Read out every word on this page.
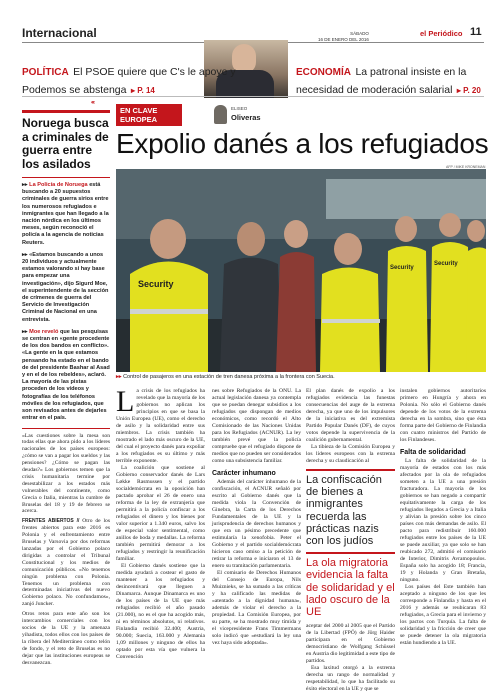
Internacional	SÁBADO
16 DE ENERO DEL 2016
el Periódico 11
POLÍTICA El PSOE quiere que C's le apoye y Podemos se abstenga ▸ P. 14
ECONOMÍA La patronal insiste en la necesidad de moderación salarial ▸ P. 20
‹‹‹
Noruega busca a criminales de guerra entre los asilados
▸▸ La Policía de Noruega está buscando a 20 supuestos criminales de guerra sirios entre los numerosos refugiados e inmigrantes que han llegado a la nación nórdica en los últimos meses, según reconoció el policía a la agencia de noticias Reuters.
▸▸ «Estamos buscando a unos 20 individuos y actualmente estamos valorando si hay base para empezar una investigación», dijo Sigurd Moe, el superintendente de la sección de crímenes de guerra del Servicio de Investigación Criminal de Nacional en una entrevista.
▸▸ Moe reveló que las pesquisas se centran en «gente procedente de los dos bandos en conflicto». «La gente en la que estamos pensando ha estado en el bando de del presidente Bashar al Asad y en el de los rebeldes», aclaró. La mayoría de las pistas proceden de los vídeos y fotografías de los teléfonos móviles de los refugiados, que son revisados antes de dejarles entrar en el país.
«Las cuestiones sobre la mesa son todas ellas que ahora pido a los líderes nacionales de los países europeos: ¿cómo se van a pagar los sueldos y las pensiones? ¿Cómo se pagan las deudas?» Los gobiernos temen que la crisis humanitaria termine por desestabilizar a los estados más vulnerables del continente, como Grecia o Italia, mientras la cumbre de Bruselas del 18 y 19 de febrero se acerca.
FRENTES ABIERTOS // Otro de los frentes abiertos para este 2016 es Polonia y el enfrentamiento entre Bruselas y Varsovia por dos reformas lanzadas por el Gobierno polaco dirigidas a controlar el Tribunal Constitucional y los medios de comunicación públicos. «No tenemos ningún problema con Polonia. Tenemos un problema con determinadas iniciativas del nuevo Gobierno polaco. No confundamos», zanjó Juncker.
Otros retos para este año son los intercambios comerciales con los socios de la UE y la amenaza yihadista, todos ellos con los países de la ribera del Mediterráneo como telón de fondo, y el reto de Bruselas es no dejar que las instituciones europeas se desvanezcan.
EN CLAVE EUROPEA
ELISEO
Oliveras
Expolio danés a los refugiados
AFP / MIKE KRONEMAN
Security
Security
Security
▸▸ Control de pasajeros en una estación de tren danesa próxima a la frontera con Suecia.

La crisis de los refugiados ha revelado que la mayoría de los gobiernos no aplican los principios en que se basa la Unión Europea (UE), como el derecho de asilo y la solidaridad entre sus miembros. La crisis también ha mostrado el lado más oscuro de la UE, del cual el proyecto danés para expoliar a los refugiados es su último y más terrible exponente.

La coalición que sostiene al Gobierno conservador danés de Lars Løkke Rasmussen y el partido socialdemócrata en la oposición han pactado aprobar el 26 de enero una reforma de la ley de extranjería que permitirá a la policía confiscar a los refugiados el dinero y los bienes por valor superior a 1.340 euros, salvo los de especial valor sentimental, como anillos de boda y medallas. La reforma también permitirá demorar a los refugiados y restringir la reunificación familiar.

El Gobierno danés sostiene que la medida ayudará a costear el gasto de mantener a los refugiados y desincentivará que lleguen a Dinamarca. Aunque Dinamarca es uno de los países de la UE que más refugiados recibió el año pasado (21.000), no es el que ha acogido más, ni en términos absolutos, ni relativos. Finlandia recibió 32.400; Austria, 90.000; Suecia, 163.000 y Alemania 1,09 millones y ninguno de ellos ha optado por esta vía que vulnera la Convención

nes sobre Refugiados de la ONU. La actual legislación danesa ya contempla que se puedan denegar subsidios a los refugiados que dispongan de medios económicos, como recordó el Alto Comisionado de las Naciones Unidas para los Refugiados (ACNUR). La ley también prevé que la policía compruebe que el refugiado dispone de medios que no pueden ser considerados como una subsistencia familiar.

Carácter inhumano

Además del carácter inhumano de la confiscación, el ACNUR señaló por escrito al Gobierno danés que la medida viola la Convención de Ginebra, la Carta de los Derechos Fundamentales de la UE y la jurisprudencia de derechos humanos y que era un pésimo precedente que estimularía la xenofobia. Peter el Gobierno y el partido socialdemócrata hicieron caso omiso a la petición de retirar la reforma e iniciaron el 13 de enero su tramitación parlamentaria.

El comisario de Derechos Humanos del Consejo de Europa, Nils Muiznieks, se ha sumado a las críticas y ha calificado las medidas de «atentado a la dignidad humana», además de violar el derecho a la propiedad. La Comisión Europea, por su parte, se ha mostrado muy tímida y el vicepresidente Frans Timmermans solo indicó que «estudiará la ley una vez haya sido adoptada».

El plan danés de expolio a los refugiados evidencia las funestas consecuencias del auge de la extrema derecha, ya que uno de los impulsores de la iniciativa es del extremista Partido Popular Danés (DF), de cuyos votos depende la supervivencia de la coalición gubernamental.

La tibieza de la Comisión Europea y los líderes europeos con la extrema derecha y su claudicación al

La confiscación de bienes a inmigrantes recuerda las prácticas nazis con los judíos
La ola migratoria evidencia la falta de solidaridad y el lado oscuro de la UE

aceptar del 2000 al 2005 que el Partido de la Libertad (FPÖ) de Jörg Haider participara en el Gobierno democristiano de Wolfgang Schüssel en Austria dio legitimidad a este tipo de partidos.

Esa laxitud otorgó a la extrema derecha un rango de normalidad y respetabilidad, lo que ha facilitado su éxito electoral en la UE y que se

instalen gobiernos autoritarios primero en Hungría y ahora en Polonia. No sólo el Gobierno danés depende de los votos de la extrema derecha en la sombra, sino que ésta forma parte del Gobierno de Finlandia con cuatro ministros del Partido de los Finlandeses.

Falta de solidaridad

La falta de solidaridad de la mayoría de estados con los más afectados por la ola de refugiados someten a la UE a una presión fracturadora. La mayoría de los gobiernos se han negado a compartir equitativamente la carga de los refugiados llegados a Grecia y a Italia y alivian la presión sobre los cinco países con más demandas de asilo. El pacto para redistribuir 160.000 refugiados entre los países de la UE se puede auxiliar, ya que solo se han reubicado 272, admitió el comisario de Interior, Dimitris Avramopoulos. España solo ha acogido 18; Francia, 19 y Holanda y Gran Bretaña, ninguno.

Los países del Este también han aceptado a ninguno de los que les corresponde a Finlandia y hasta en el 2016 y además se reubicaran 83 refugiados, a Grecia para el invierno y los pactos con Turquía. La falta de solidaridad y la fricción de creer que se puede detener la ola migratoria están hundiendo a la UE.
